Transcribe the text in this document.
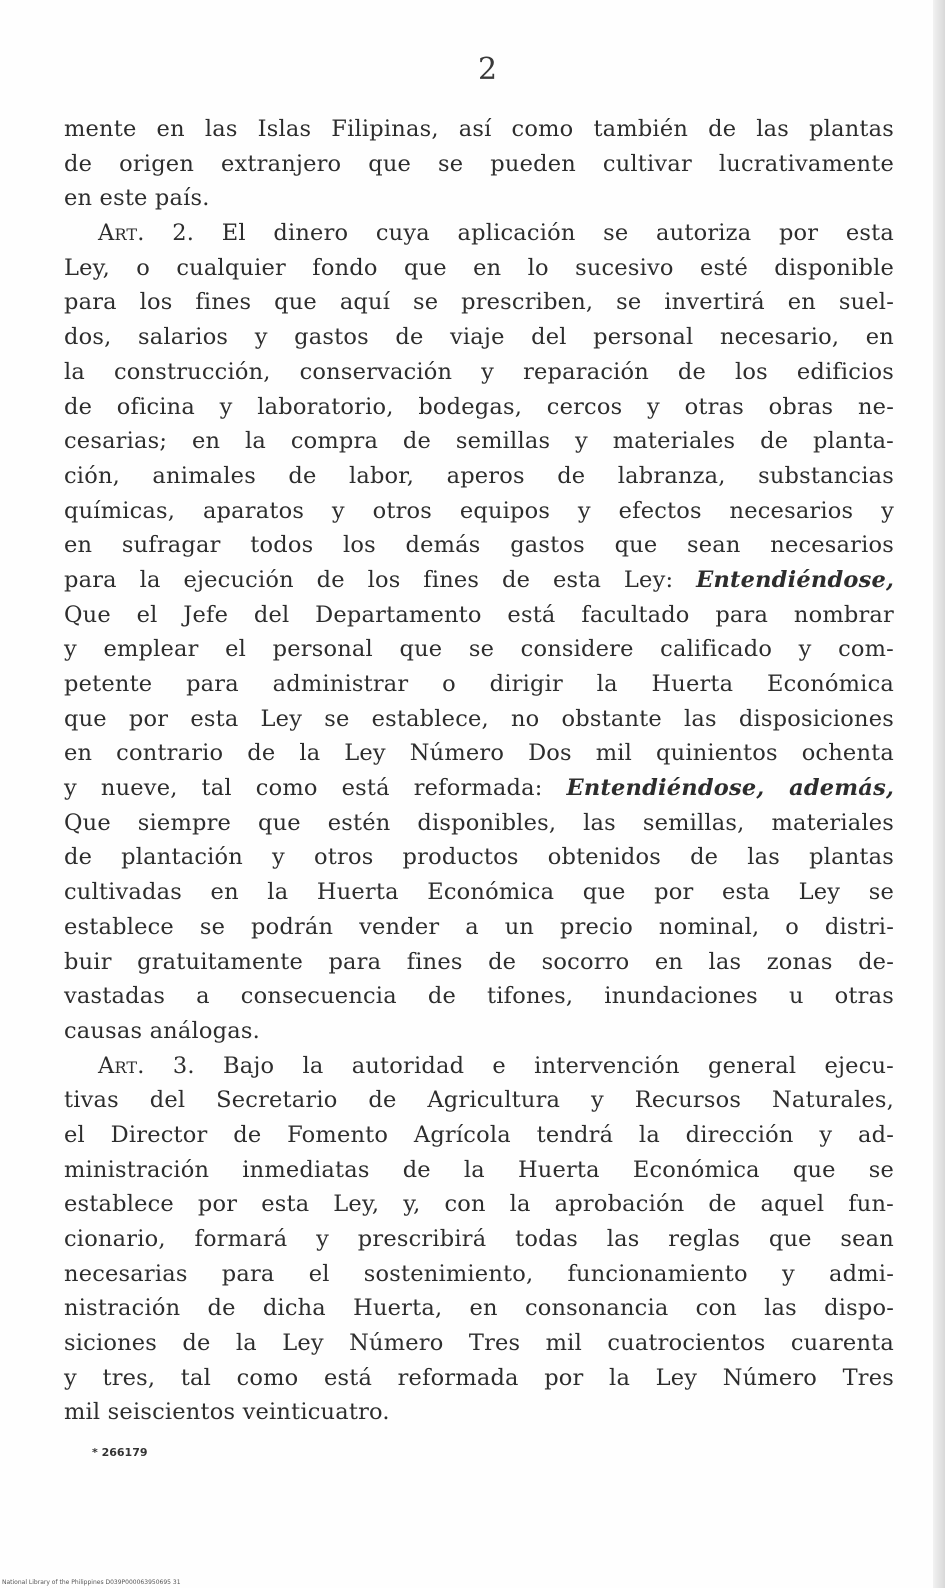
2
mente en las Islas Filipinas, así como también de las plantas
de origen extranjero que se pueden cultivar lucrativamente
en este país.
Art. 2. El dinero cuya aplicación se autoriza por esta
Ley, o cualquier fondo que en lo sucesivo esté disponible
para los fines que aquí se prescriben, se invertirá en suel-
dos, salarios y gastos de viaje del personal necesario, en
la construcción, conservación y reparación de los edificios
de oficina y laboratorio, bodegas, cercos y otras obras ne-
cesarias; en la compra de semillas y materiales de planta-
ción, animales de labor, aperos de labranza, substancias
químicas, aparatos y otros equipos y efectos necesarios y
en sufragar todos los demás gastos que sean necesarios
para la ejecución de los fines de esta Ley: Entendiéndose,
Que el Jefe del Departamento está facultado para nombrar
y emplear el personal que se considere calificado y com-
petente para administrar o dirigir la Huerta Económica
que por esta Ley se establece, no obstante las disposiciones
en contrario de la Ley Número Dos mil quinientos ochenta
y nueve, tal como está reformada: Entendiéndose, además,
Que siempre que estén disponibles, las semillas, materiales
de plantación y otros productos obtenidos de las plantas
cultivadas en la Huerta Económica que por esta Ley se
establece se podrán vender a un precio nominal, o distri-
buir gratuitamente para fines de socorro en las zonas de-
vastadas a consecuencia de tifones, inundaciones u otras
causas análogas.
Art. 3. Bajo la autoridad e intervención general ejecu-
tivas del Secretario de Agricultura y Recursos Naturales,
el Director de Fomento Agrícola tendrá la dirección y ad-
ministración inmediatas de la Huerta Económica que se
establece por esta Ley, y, con la aprobación de aquel fun-
cionario, formará y prescribirá todas las reglas que sean
necesarias para el sostenimiento, funcionamiento y admi-
nistración de dicha Huerta, en consonancia con las dispo-
siciones de la Ley Número Tres mil cuatrocientos cuarenta
y tres, tal como está reformada por la Ley Número Tres
mil seiscientos veinticuatro.
* 266179
National Library of the Philippines D039P000063950695 31
